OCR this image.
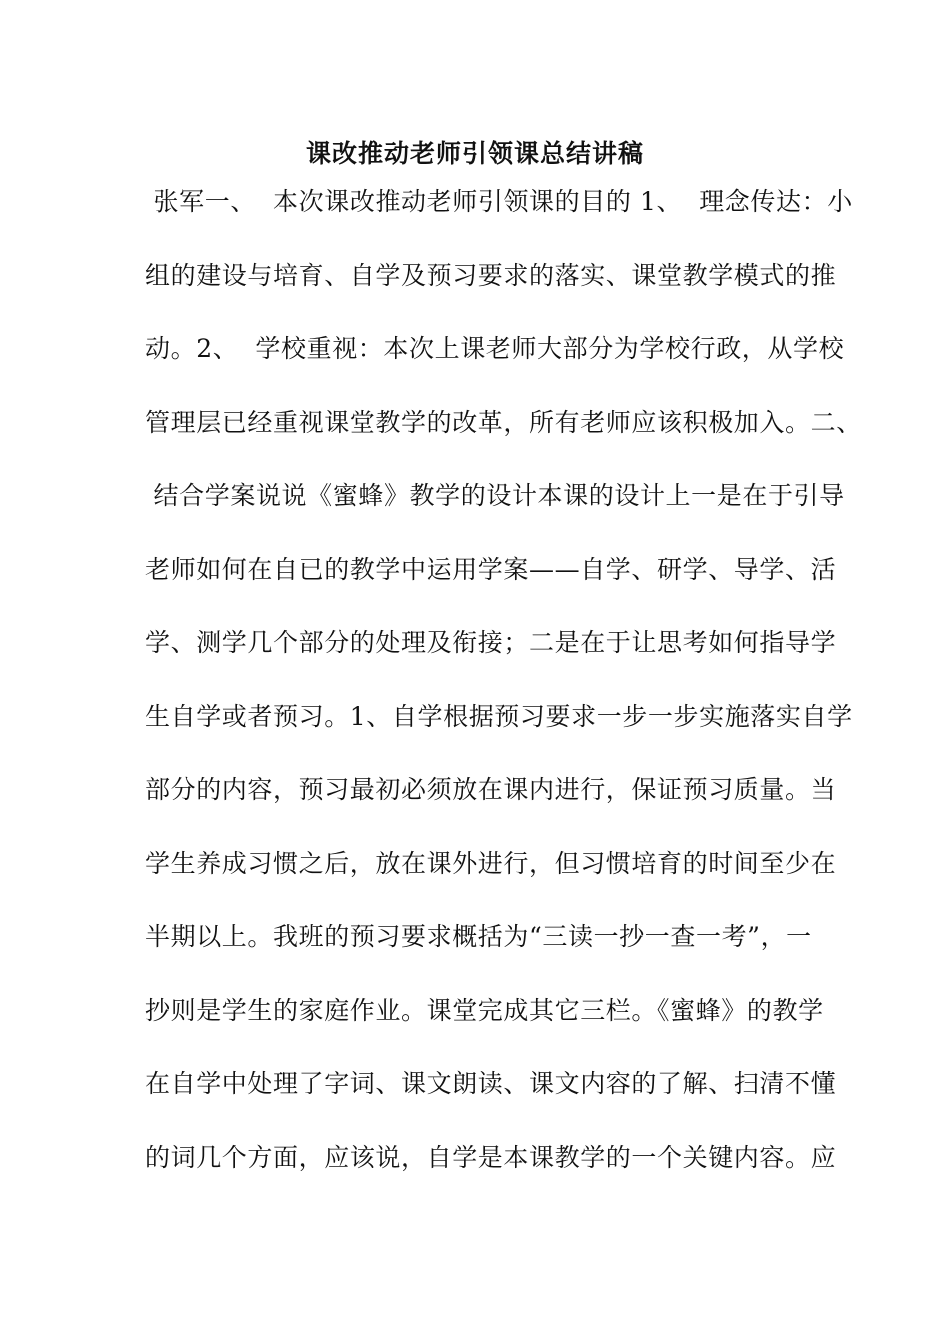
课改推动老师引领课总结讲稿
张军一、  本次课改推动老师引领课的目的 1、  理念传达：小
组的建设与培育、自学及预习要求的落实、课堂教学模式的推
动。2、  学校重视：本次上课老师大部分为学校行政，从学校
管理层已经重视课堂教学的改革，所有老师应该积极加入。二、
结合学案说说《蜜蜂》教学的设计本课的设计上一是在于引导
老师如何在自已的教学中运用学案——自学、研学、导学、活
学、测学几个部分的处理及衔接；二是在于让思考如何指导学
生自学或者预习。1、自学根据预习要求一步一步实施落实自学
部分的内容，预习最初必须放在课内进行，保证预习质量。当
学生养成习惯之后，放在课外进行，但习惯培育的时间至少在
半期以上。我班的预习要求概括为“三读一抄一查一考”，一
抄则是学生的家庭作业。课堂完成其它三栏。《蜜蜂》的教学
在自学中处理了字词、课文朗读、课文内容的了解、扫清不懂
的词几个方面，应该说，自学是本课教学的一个关键内容。应
